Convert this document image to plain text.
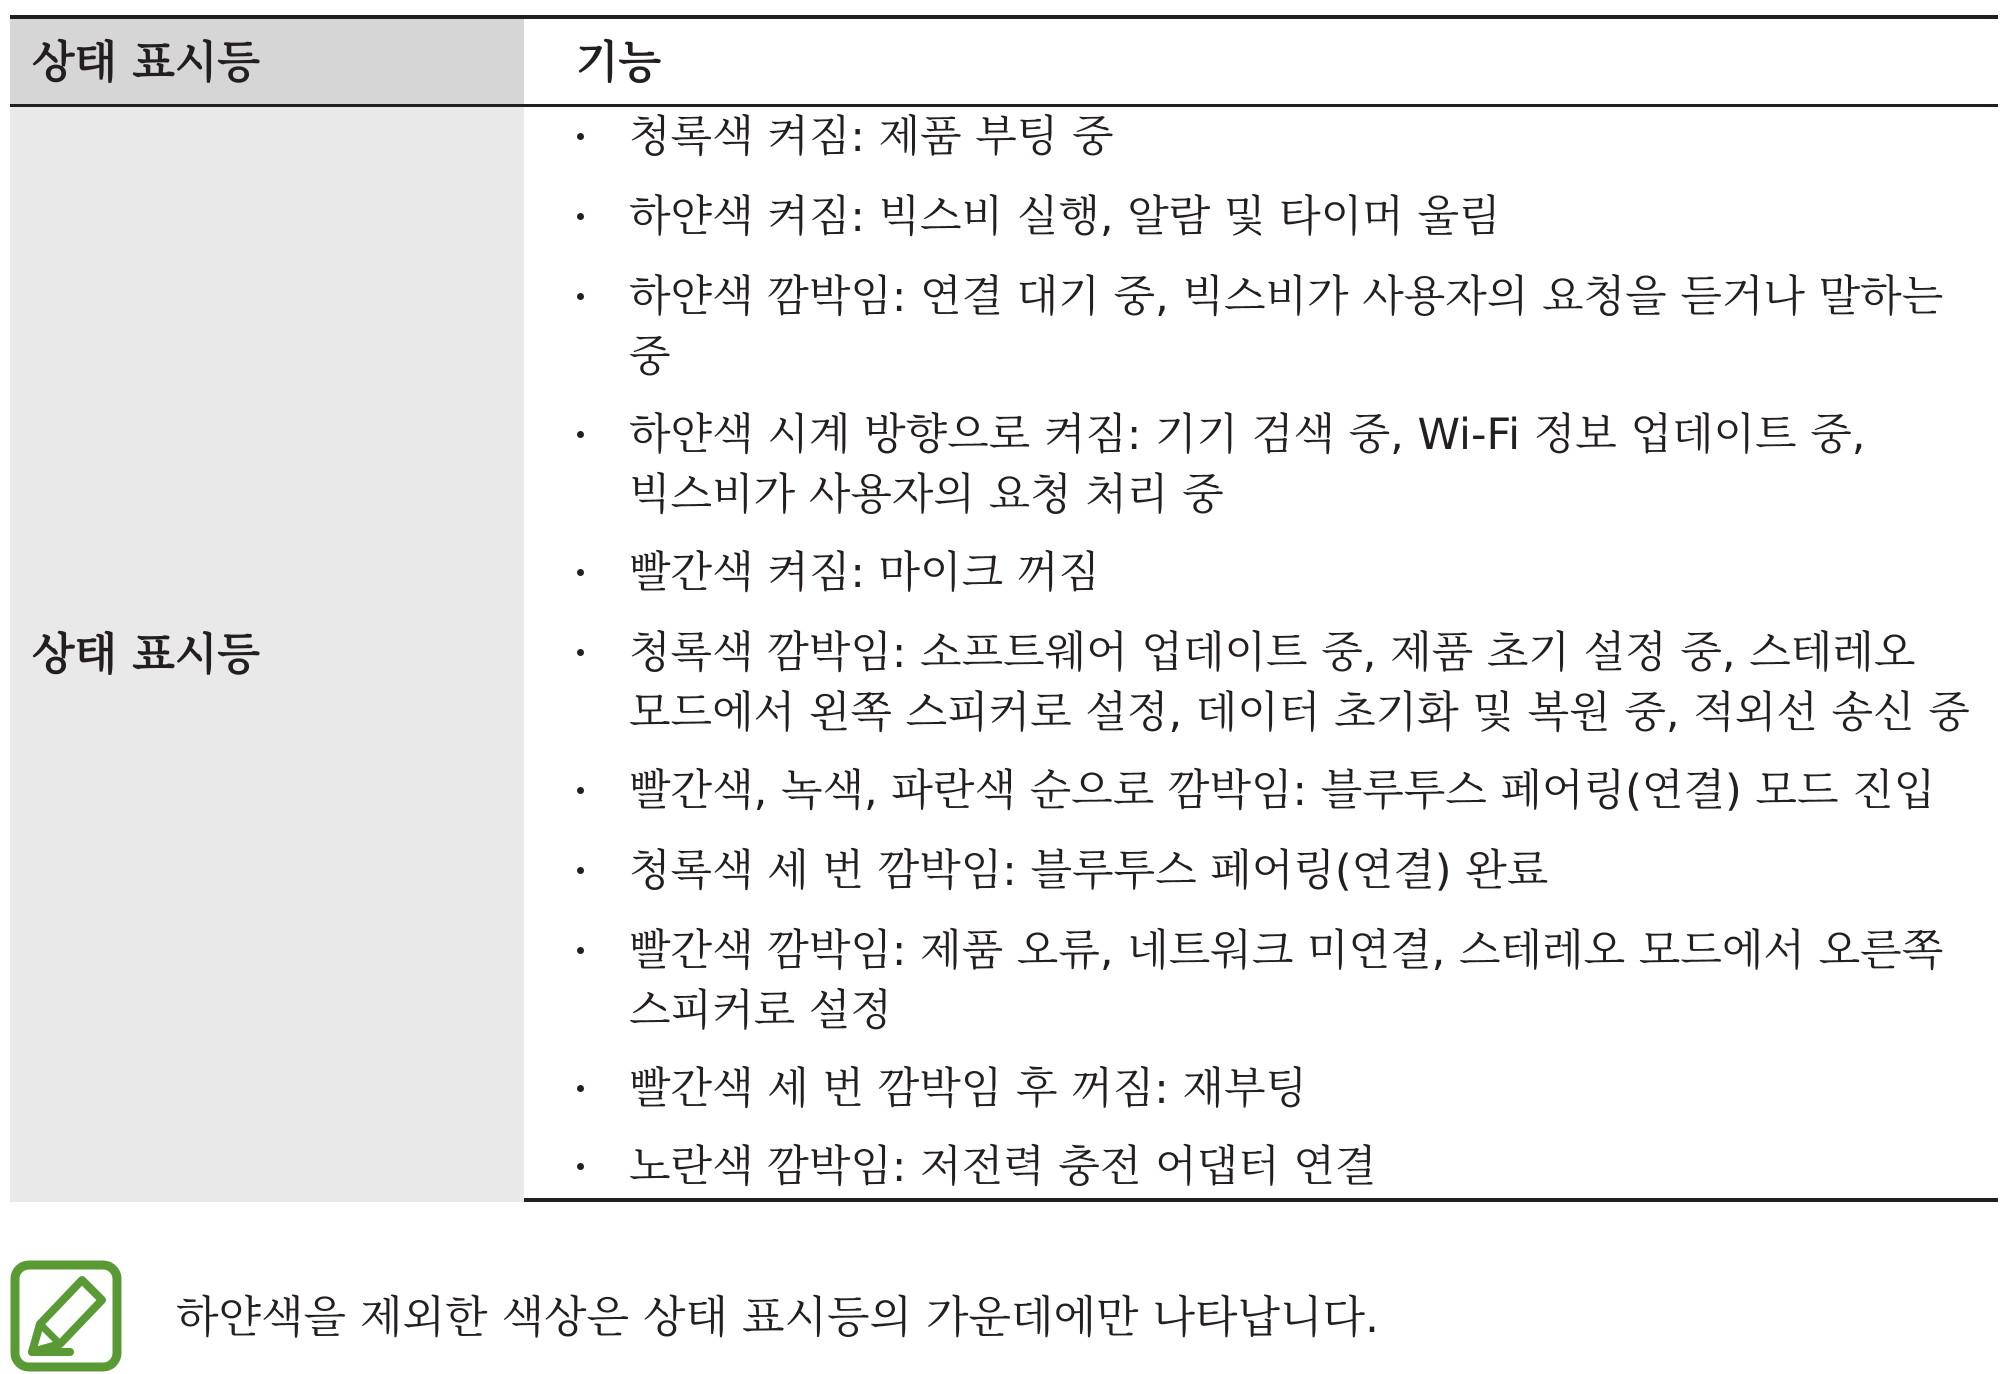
상태 표시등	기능
상태 표시등
청록색 켜짐: 제품 부팅 중
하얀색 켜짐: 빅스비 실행, 알람 및 타이머 울림
하얀색 깜박임: 연결 대기 중, 빅스비가 사용자의 요청을 듣거나 말하는 중
하얀색 시계 방향으로 켜짐: 기기 검색 중, Wi-Fi 정보 업데이트 중, 빅스비가 사용자의 요청 처리 중
빨간색 켜짐: 마이크 꺼짐
청록색 깜박임: 소프트웨어 업데이트 중, 제품 초기 설정 중, 스테레오 모드에서 왼쪽 스피커로 설정, 데이터 초기화 및 복원 중, 적외선 송신 중
빨간색, 녹색, 파란색 순으로 깜박임: 블루투스 페어링(연결) 모드 진입
청록색 세 번 깜박임: 블루투스 페어링(연결) 완료
빨간색 깜박임: 제품 오류, 네트워크 미연결, 스테레오 모드에서 오른쪽 스피커로 설정
빨간색 세 번 깜박임 후 꺼짐: 재부팅
노란색 깜박임: 저전력 충전 어댑터 연결
하얀색을 제외한 색상은 상태 표시등의 가운데에만 나타납니다.
